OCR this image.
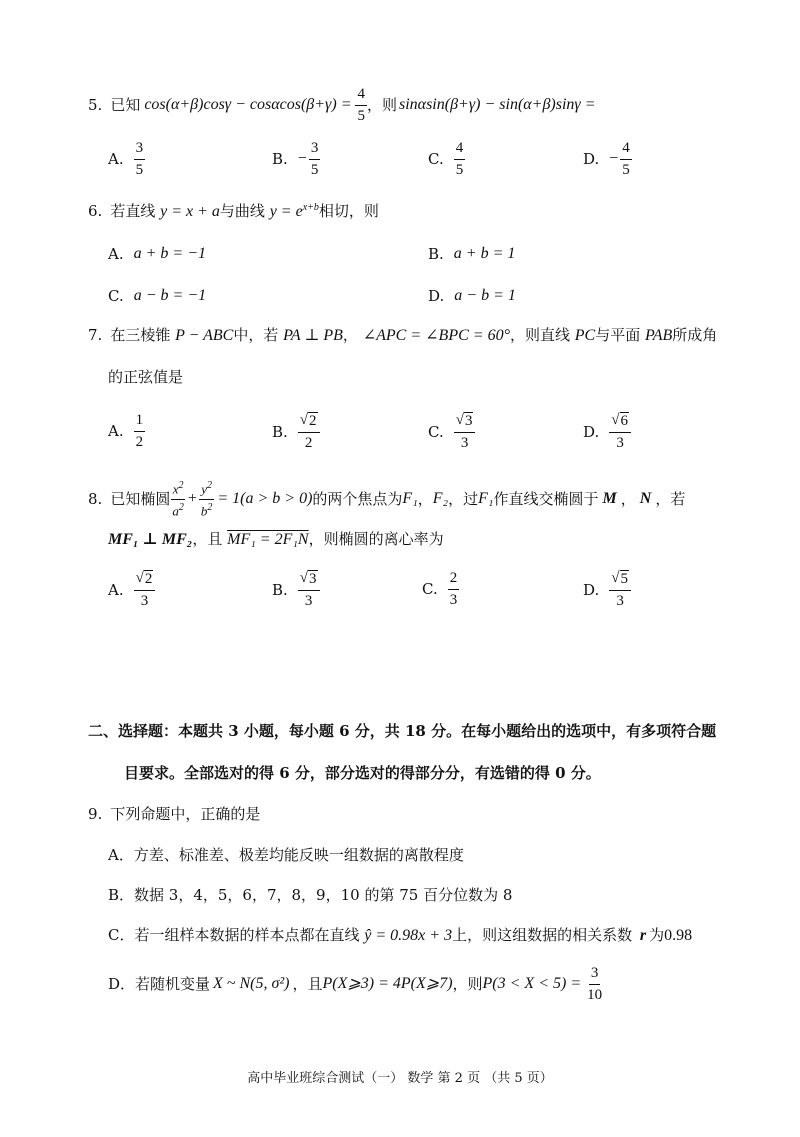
5. 已知 $\cos(\alpha+\beta)\cos\gamma - \cos\alpha\cos(\beta+\gamma) = \frac{4}{5}$ ，则 sinαsin(β+γ) − sin(α+β)sinγ =
A. $\frac{3}{5}$	B. − $\frac{3}{5}$	C. $\frac{4}{5}$	D. − $\frac{4}{5}$
6. 若直线 y = x + a与曲线 $y = e^{x+b}$相切，则
A. a + b = −1	B. a + b = 1
C. a − b = −1	D. a − b = 1
7. 在三棱锥 P − ABC中，若 PA ⊥ PB， ∠APC = ∠BPC = 60°，则直线 PC与平面 PAB所成角
的正弦值是
A. $\frac{1}{2}$	B. $\frac{√ 2}{2}$	C. $\frac{√ 3}{3}$	D. $\frac{√ 6}{3}$
8. 已知椭圆 $\frac{x^2}{a^2} + \frac{y^2}{b^2} = 1(a > b > 0)$ 的两个焦点为 F₁ ， F₂ ，过 F₁ 作直线交椭圆于 M ， N ，若
MF₁ ⊥ MF₂，且 MF₁ = 2F₁N，则椭圆的离心率为
A. $\frac{√ 2}{3}$	B. $\frac{√ 3}{3}$	C. $\frac{2}{3}$	D. $\frac{√ 5}{3}$
二、选择题：本题共 3 小题，每小题 6 分，共 18 分。在每小题给出的选项中，有多项符合题
目要求。全部选对的得 6 分，部分选对的得部分分，有选错的得 0 分。
9. 下列命题中，正确的是
A．方差、标准差、极差均能反映一组数据的离散程度
B．数据 3，4，5，6，7，8，9，10 的第 75 百分位数为 8
C．若一组样本数据的样本点都在直线 ŷ = 0.98x + 3上，则这组数据的相关系数 r 为0.98
D．若随机变量 X ~ N(5, σ²) ，且 P(X⩾3) = 4P(X⩾7) ，则 $P(3 < X < 5) = \frac{3}{10}$
高中毕业班综合测试（一） 数学 第 2 页 （共 5 页）
